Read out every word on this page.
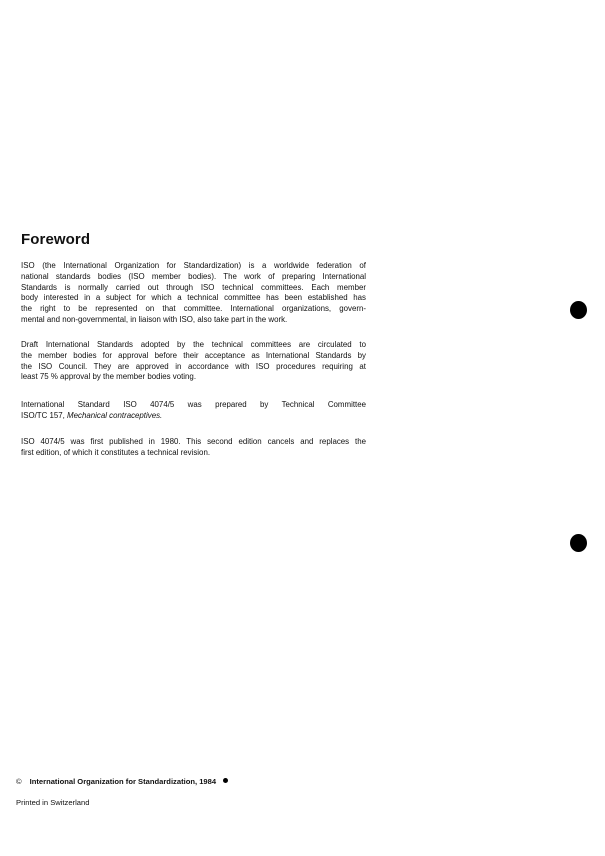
Foreword
ISO (the International Organization for Standardization) is a worldwide federation of
national standards bodies (ISO member bodies). The work of preparing International
Standards is normally carried out through ISO technical committees. Each member
body interested in a subject for which a technical committee has been established has
the right to be represented on that committee. International organizations, govern-
mental and non-governmental, in liaison with ISO, also take part in the work.
Draft International Standards adopted by the technical committees are circulated to
the member bodies for approval before their acceptance as International Standards by
the ISO Council. They are approved in accordance with ISO procedures requiring at
least 75 % approval by the member bodies voting.
International Standard ISO 4074/5 was prepared by Technical Committee
ISO/TC 157, Mechanical contraceptives.
ISO 4074/5 was first published in 1980. This second edition cancels and replaces the
first edition, of which it constitutes a technical revision.
© International Organization for Standardization, 1984
Printed in Switzerland
